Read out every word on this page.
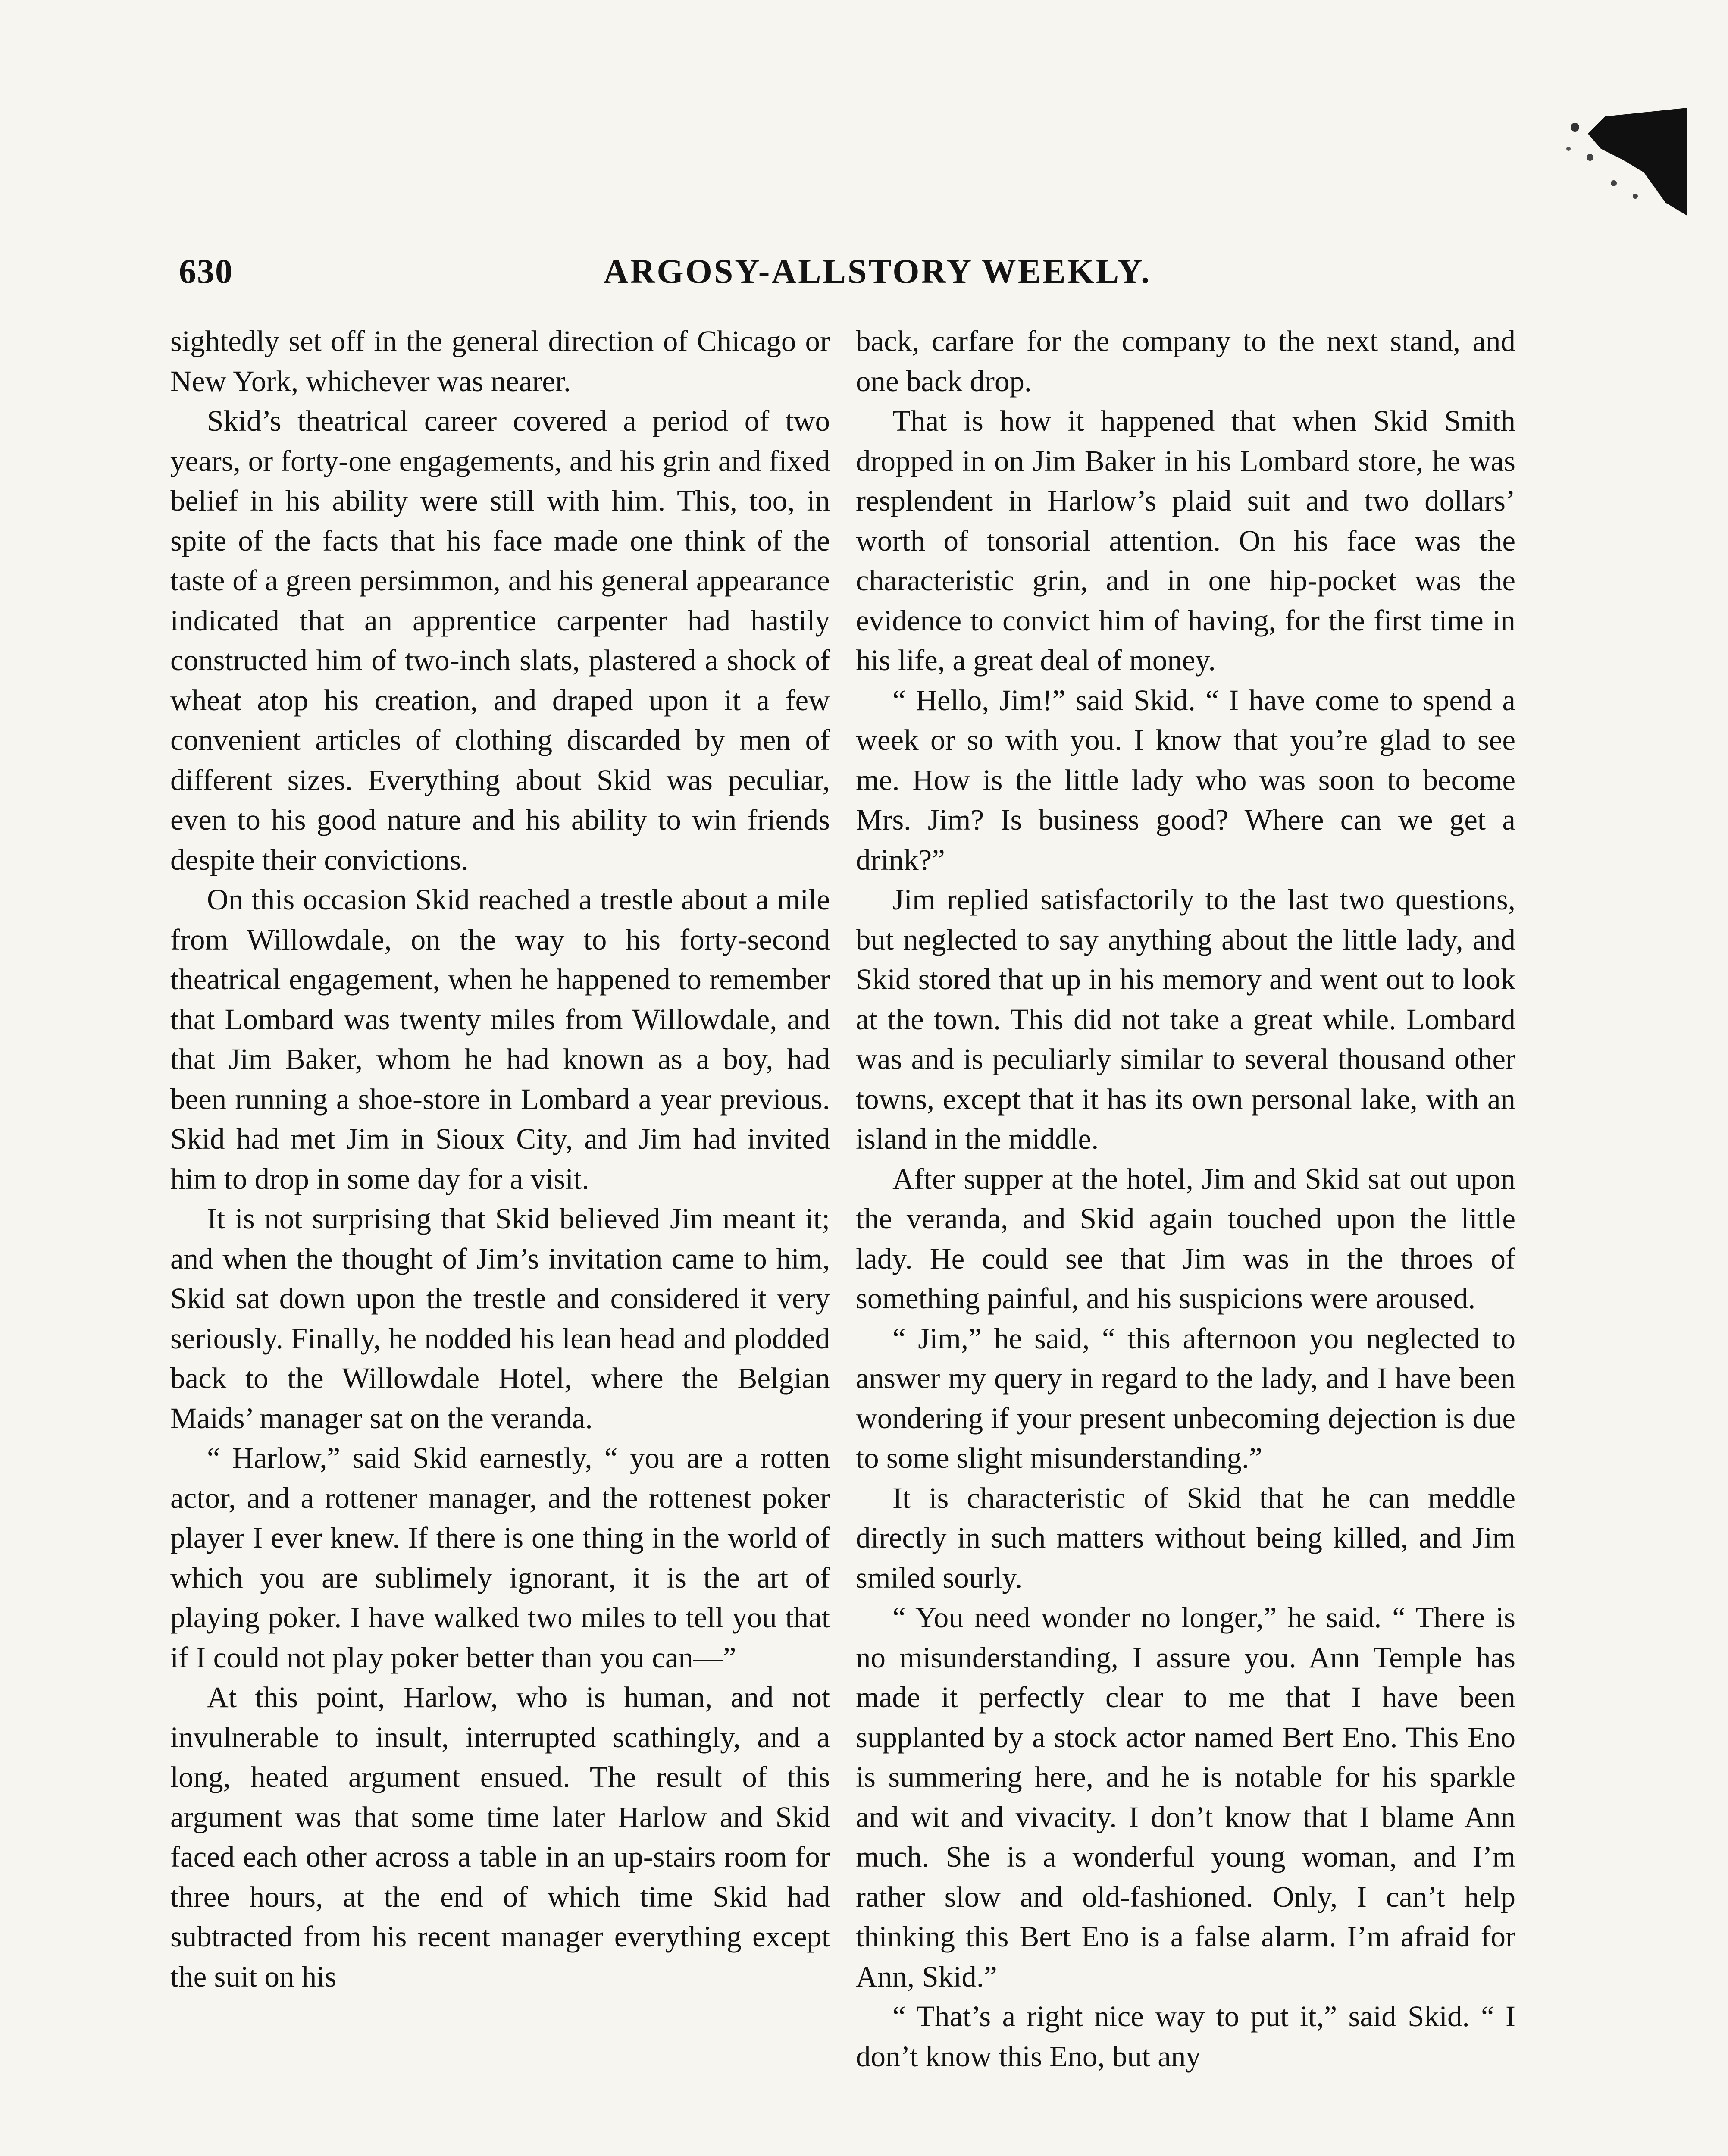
630	ARGOSY-ALLSTORY WEEKLY.

sightedly set off in the general direction of Chicago or New York, whichever was nearer.

Skid’s theatrical career covered a period of two years, or forty-one engagements, and his grin and fixed belief in his ability were still with him. This, too, in spite of the facts that his face made one think of the taste of a green persimmon, and his general appearance indicated that an apprentice carpenter had hastily constructed him of two-inch slats, plastered a shock of wheat atop his creation, and draped upon it a few convenient articles of clothing discarded by men of different sizes. Everything about Skid was peculiar, even to his good nature and his ability to win friends despite their convictions.

On this occasion Skid reached a trestle about a mile from Willowdale, on the way to his forty-second theatrical engagement, when he happened to remember that Lombard was twenty miles from Willowdale, and that Jim Baker, whom he had known as a boy, had been running a shoe-store in Lombard a year previous. Skid had met Jim in Sioux City, and Jim had invited him to drop in some day for a visit.

It is not surprising that Skid believed Jim meant it; and when the thought of Jim’s invitation came to him, Skid sat down upon the trestle and considered it very seriously. Finally, he nodded his lean head and plodded back to the Willowdale Hotel, where the Belgian Maids’ manager sat on the veranda.

“ Harlow,” said Skid earnestly, “ you are a rotten actor, and a rottener manager, and the rottenest poker player I ever knew. If there is one thing in the world of which you are sublimely ignorant, it is the art of playing poker. I have walked two miles to tell you that if I could not play poker better than you can—”

At this point, Harlow, who is human, and not invulnerable to insult, interrupted scathingly, and a long, heated argument ensued. The result of this argument was that some time later Harlow and Skid faced each other across a table in an up-stairs room for three hours, at the end of which time Skid had subtracted from his recent manager everything except the suit on his

back, carfare for the company to the next stand, and one back drop.

That is how it happened that when Skid Smith dropped in on Jim Baker in his Lombard store, he was resplendent in Harlow’s plaid suit and two dollars’ worth of tonsorial attention. On his face was the characteristic grin, and in one hip-pocket was the evidence to convict him of having, for the first time in his life, a great deal of money.

“ Hello, Jim!” said Skid. “ I have come to spend a week or so with you. I know that you’re glad to see me. How is the little lady who was soon to become Mrs. Jim? Is business good? Where can we get a drink?”

Jim replied satisfactorily to the last two questions, but neglected to say anything about the little lady, and Skid stored that up in his memory and went out to look at the town. This did not take a great while. Lombard was and is peculiarly similar to several thousand other towns, except that it has its own personal lake, with an island in the middle.

After supper at the hotel, Jim and Skid sat out upon the veranda, and Skid again touched upon the little lady. He could see that Jim was in the throes of something painful, and his suspicions were aroused.

“ Jim,” he said, “ this afternoon you neglected to answer my query in regard to the lady, and I have been wondering if your present unbecoming dejection is due to some slight misunderstanding.”

It is characteristic of Skid that he can meddle directly in such matters without being killed, and Jim smiled sourly.

“ You need wonder no longer,” he said. “ There is no misunderstanding, I assure you. Ann Temple has made it perfectly clear to me that I have been supplanted by a stock actor named Bert Eno. This Eno is summering here, and he is notable for his sparkle and wit and vivacity. I don’t know that I blame Ann much. She is a wonderful young woman, and I’m rather slow and old-fashioned. Only, I can’t help thinking this Bert Eno is a false alarm. I’m afraid for Ann, Skid.”

“ That’s a right nice way to put it,” said Skid. “ I don’t know this Eno, but any
